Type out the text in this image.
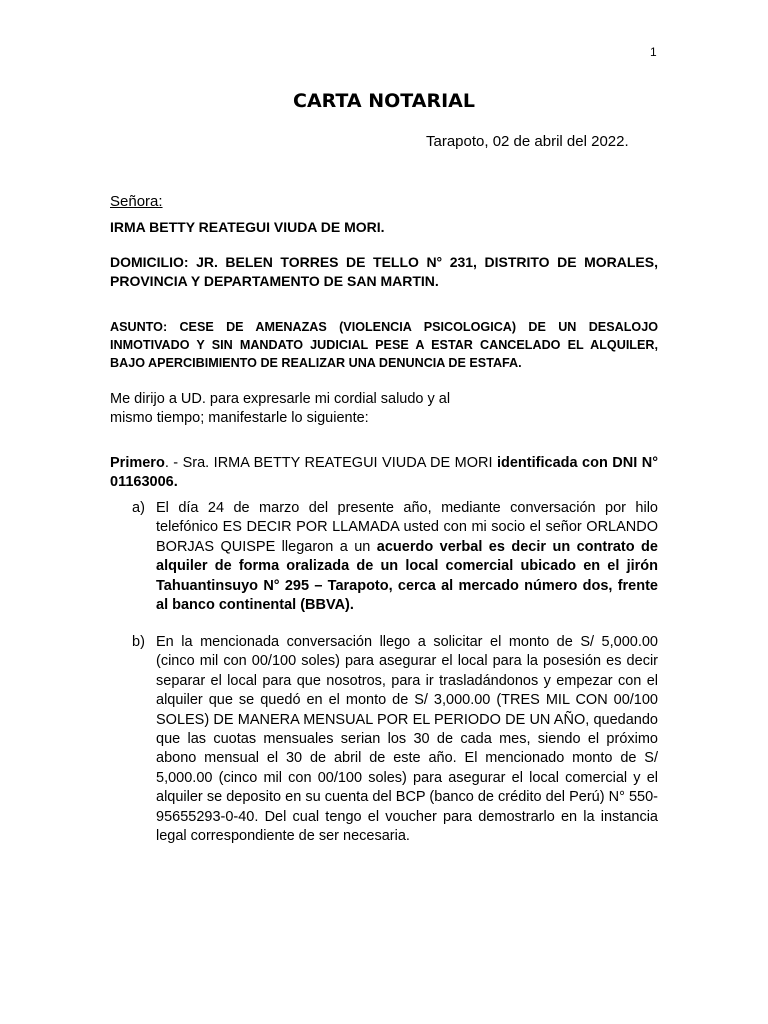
1
CARTA NOTARIAL
Tarapoto, 02 de abril del 2022.
Señora:
IRMA BETTY REATEGUI VIUDA DE MORI.
DOMICILIO: JR. BELEN TORRES DE TELLO N° 231, DISTRITO DE MORALES, PROVINCIA Y DEPARTAMENTO DE SAN MARTIN.
ASUNTO: CESE DE AMENAZAS (VIOLENCIA PSICOLOGICA) DE UN DESALOJO INMOTIVADO Y SIN MANDATO JUDICIAL PESE A ESTAR CANCELADO EL ALQUILER, BAJO APERCIBIMIENTO DE REALIZAR UNA DENUNCIA DE ESTAFA.
Me dirijo a UD. para expresarle mi cordial saludo y al
mismo tiempo; manifestarle lo siguiente:
Primero. - Sra. IRMA BETTY REATEGUI VIUDA DE MORI identificada con DNI N° 01163006.
a) El día 24 de marzo del presente año, mediante conversación por hilo telefónico ES DECIR POR LLAMADA usted con mi socio el señor ORLANDO BORJAS QUISPE llegaron a un acuerdo verbal es decir un contrato de alquiler de forma oralizada de un local comercial ubicado en el jirón Tahuantinsuyo N° 295 – Tarapoto, cerca al mercado número dos, frente al banco continental (BBVA).
b) En la mencionada conversación llego a solicitar el monto de S/ 5,000.00 (cinco mil con 00/100 soles) para asegurar el local para la posesión es decir separar el local para que nosotros, para ir trasladándonos y empezar con el alquiler que se quedó en el monto de S/ 3,000.00 (TRES MIL CON 00/100 SOLES) DE MANERA MENSUAL POR EL PERIODO DE UN AÑO, quedando que las cuotas mensuales serian los 30 de cada mes, siendo el próximo abono mensual el 30 de abril de este año. El mencionado monto de S/ 5,000.00 (cinco mil con 00/100 soles) para asegurar el local comercial y el alquiler se deposito en su cuenta del BCP (banco de crédito del Perú) N° 550-95655293-0-40. Del cual tengo el voucher para demostrarlo en la instancia legal correspondiente de ser necesaria.
